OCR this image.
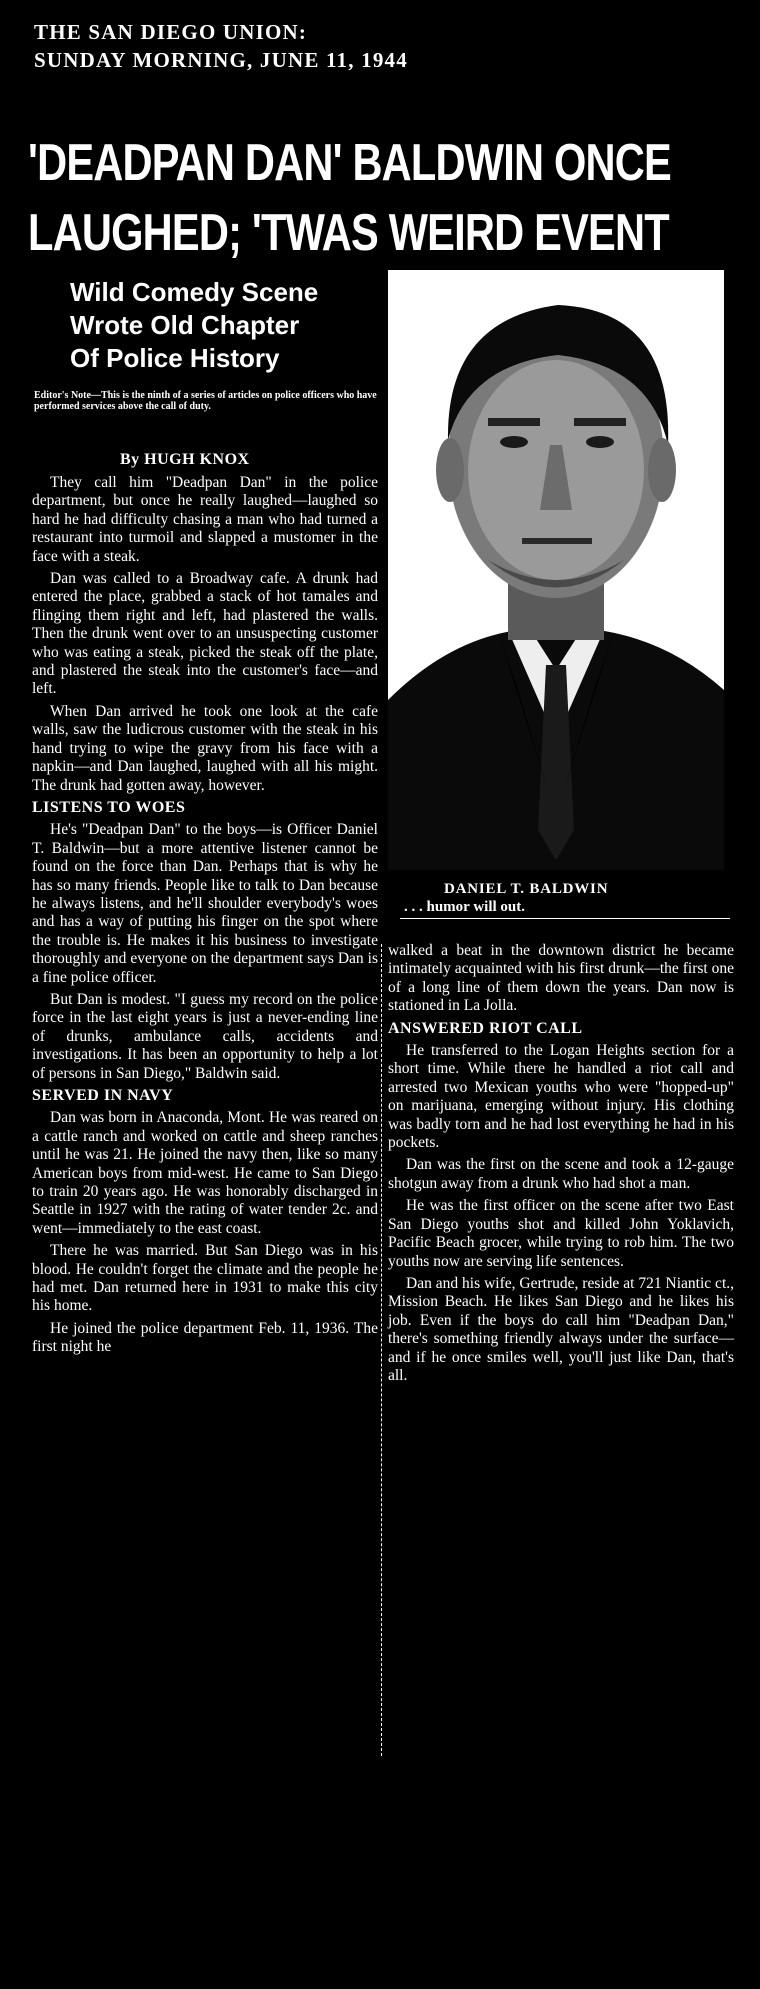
THE SAN DIEGO UNION:
SUNDAY MORNING, JUNE 11, 1944
'DEADPAN DAN' BALDWIN ONCE
LAUGHED; 'TWAS WEIRD EVENT
Wild Comedy Scene
Wrote Old Chapter
Of Police History
Editor's Note—This is the ninth of a series of articles on police officers who have performed services above the call of duty.
By HUGH KNOX
DANIEL T. BALDWIN
. . . humor will out.

They call him "Deadpan Dan" in the police department, but once he really laughed—laughed so hard he had difficulty chasing a man who had turned a restaurant into turmoil and slapped a mustomer in the face with a steak.

Dan was called to a Broadway cafe. A drunk had entered the place, grabbed a stack of hot tamales and flinging them right and left, had plastered the walls. Then the drunk went over to an unsuspecting customer who was eating a steak, picked the steak off the plate, and plastered the steak into the customer's face—and left.

When Dan arrived he took one look at the cafe walls, saw the ludicrous customer with the steak in his hand trying to wipe the gravy from his face with a napkin—and Dan laughed, laughed with all his might. The drunk had gotten away, however.

LISTENS TO WOES

He's "Deadpan Dan" to the boys—is Officer Daniel T. Baldwin—but a more attentive listener cannot be found on the force than Dan. Perhaps that is why he has so many friends. People like to talk to Dan because he always listens, and he'll shoulder everybody's woes and has a way of putting his finger on the spot where the trouble is. He makes it his business to investigate thoroughly and everyone on the department says Dan is a fine police officer.

But Dan is modest. "I guess my record on the police force in the last eight years is just a never-ending line of drunks, ambulance calls, accidents and investigations. It has been an opportunity to help a lot of persons in San Diego," Baldwin said.

SERVED IN NAVY

Dan was born in Anaconda, Mont. He was reared on a cattle ranch and worked on cattle and sheep ranches until he was 21. He joined the navy then, like so many American boys from mid-west. He came to San Diego to train 20 years ago. He was honorably discharged in Seattle in 1927 with the rating of water tender 2c. and went—immediately to the east coast.

There he was married. But San Diego was in his blood. He couldn't forget the climate and the people he had met. Dan returned here in 1931 to make this city his home.

He joined the police department Feb. 11, 1936. The first night he

walked a beat in the downtown district he became intimately acquainted with his first drunk—the first one of a long line of them down the years. Dan now is stationed in La Jolla.

ANSWERED RIOT CALL

He transferred to the Logan Heights section for a short time. While there he handled a riot call and arrested two Mexican youths who were "hopped-up" on marijuana, emerging without injury. His clothing was badly torn and he had lost everything he had in his pockets.

Dan was the first on the scene and took a 12-gauge shotgun away from a drunk who had shot a man.

He was the first officer on the scene after two East San Diego youths shot and killed John Yoklavich, Pacific Beach grocer, while trying to rob him. The two youths now are serving life sentences.

Dan and his wife, Gertrude, reside at 721 Niantic ct., Mission Beach. He likes San Diego and he likes his job. Even if the boys do call him "Deadpan Dan," there's something friendly always under the surface—and if he once smiles well, you'll just like Dan, that's all.
